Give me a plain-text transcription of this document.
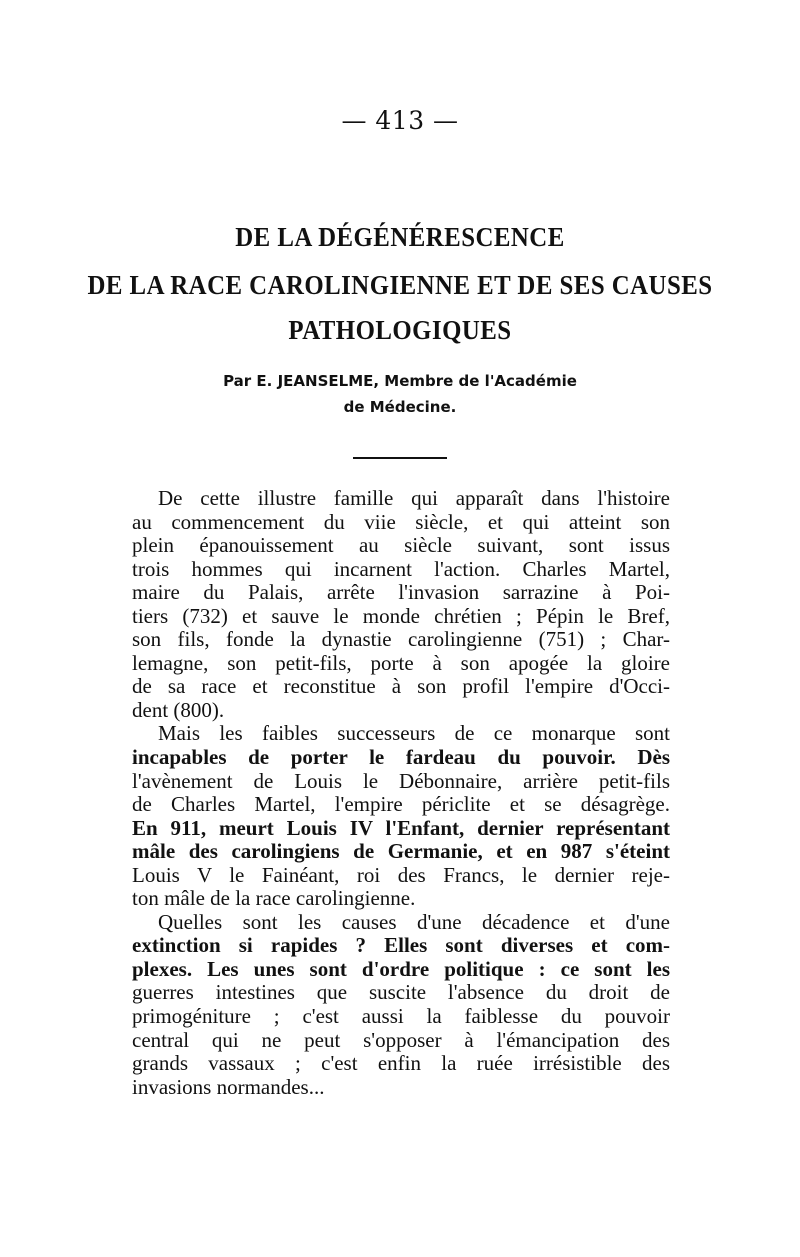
— 413 —
DE LA DÉGÉNÉRESCENCE
DE LA RACE CAROLINGIENNE ET DE SES CAUSES
PATHOLOGIQUES
Par E. JEANSELME, Membre de l'Académie
de Médecine.
De cette illustre famille qui apparaît dans l'histoire
au commencement du viie siècle, et qui atteint son
plein épanouissement au siècle suivant, sont issus
trois hommes qui incarnent l'action. Charles Martel,
maire du Palais, arrête l'invasion sarrazine à Poi-
tiers (732) et sauve le monde chrétien ; Pépin le Bref,
son fils, fonde la dynastie carolingienne (751) ; Char-
lemagne, son petit-fils, porte à son apogée la gloire
de sa race et reconstitue à son profil l'empire d'Occi-
dent (800).
Mais les faibles successeurs de ce monarque sont
incapables de porter le fardeau du pouvoir. Dès
l'avènement de Louis le Débonnaire, arrière petit-fils
de Charles Martel, l'empire périclite et se désagrège.
En 911, meurt Louis IV l'Enfant, dernier représentant
mâle des carolingiens de Germanie, et en 987 s'éteint
Louis V le Fainéant, roi des Francs, le dernier reje-
ton mâle de la race carolingienne.
Quelles sont les causes d'une décadence et d'une
extinction si rapides ? Elles sont diverses et com-
plexes. Les unes sont d'ordre politique : ce sont les
guerres intestines que suscite l'absence du droit de
primogéniture ; c'est aussi la faiblesse du pouvoir
central qui ne peut s'opposer à l'émancipation des
grands vassaux ; c'est enfin la ruée irrésistible des
invasions normandes...
